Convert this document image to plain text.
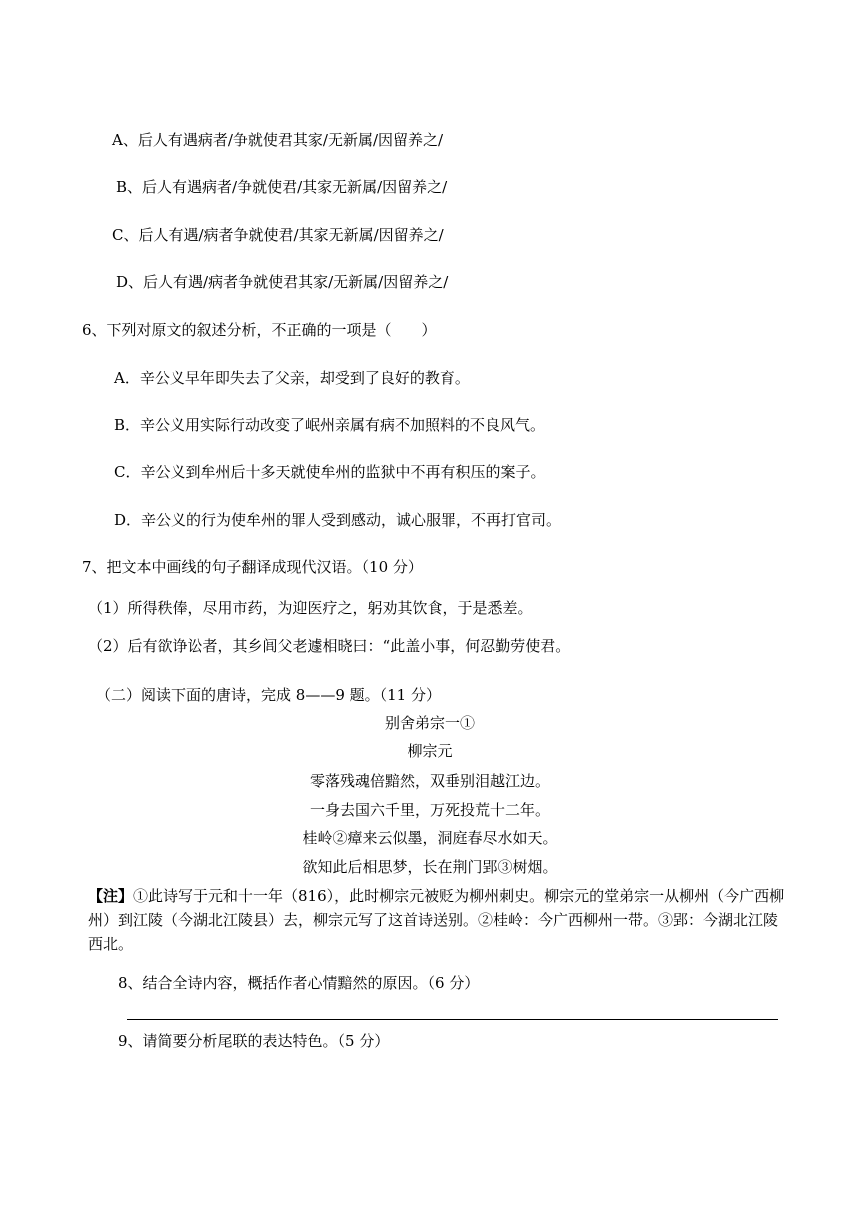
A、后人有遇病者/争就使君其家/无新属/因留养之/
B、后人有遇病者/争就使君/其家无新属/因留养之/
C、后人有遇/病者争就使君/其家无新属/因留养之/
D、后人有遇/病者争就使君其家/无新属/因留养之/
6、下列对原文的叙述分析，不正确的一项是（　　）
A．辛公义早年即失去了父亲，却受到了良好的教育。
B．辛公义用实际行动改变了岷州亲属有病不加照料的不良风气。
C．辛公义到牟州后十多天就使牟州的监狱中不再有积压的案子。
D．辛公义的行为使牟州的罪人受到感动，诚心服罪，不再打官司。
7、把文本中画线的句子翻译成现代汉语。（10 分）
（1）所得秩俸，尽用市药，为迎医疗之，躬劝其饮食，于是悉差。
（2）后有欲诤讼者，其乡闾父老遽相晓曰：“此盖小事，何忍勤劳使君。
（二）阅读下面的唐诗，完成 8——9 题。（11 分）
别舍弟宗一①
柳宗元
零落残魂倍黯然，双垂别泪越江边。
一身去国六千里，万死投荒十二年。
桂岭②瘴来云似墨，洞庭春尽水如天。
欲知此后相思梦，长在荆门郢③树烟。
【注】①此诗写于元和十一年（816），此时柳宗元被贬为柳州刺史。柳宗元的堂弟宗一从柳州（今广西柳州）到江陵（今湖北江陵县）去，柳宗元写了这首诗送别。②桂岭：今广西柳州一带。③郢：今湖北江陵西北。
8、结合全诗内容，概括作者心情黯然的原因。（6 分）
9、请简要分析尾联的表达特色。（5 分）
